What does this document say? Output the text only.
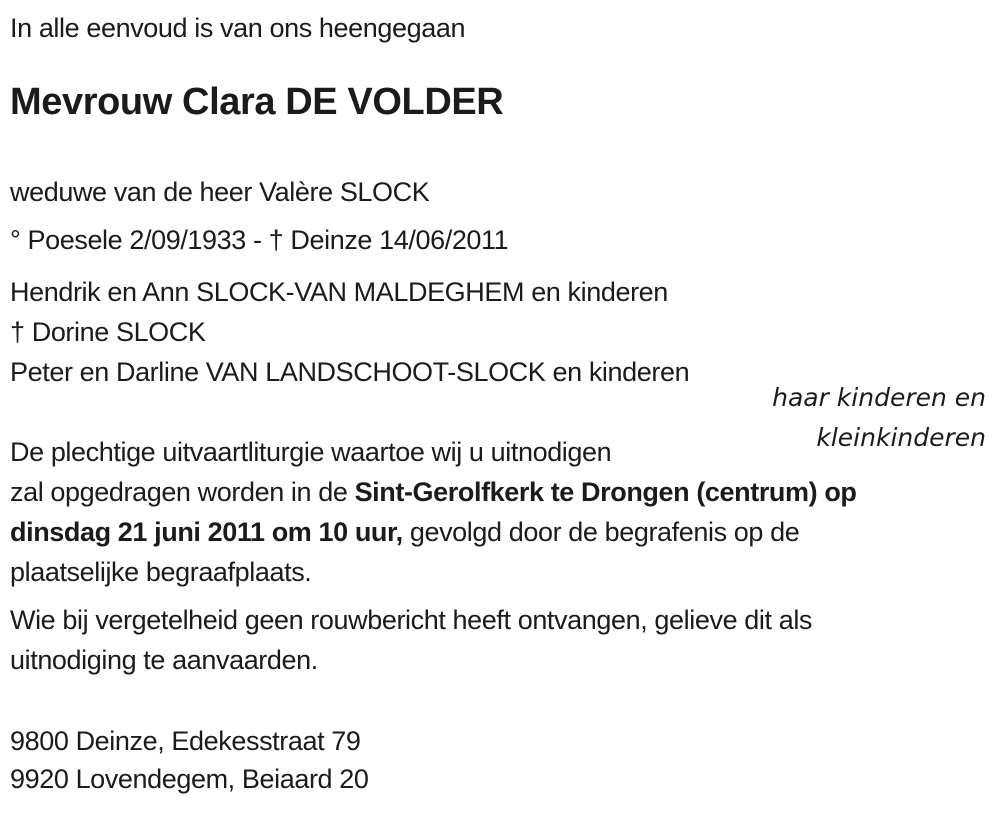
In alle eenvoud is van ons heengegaan
Mevrouw Clara DE VOLDER
weduwe van de heer Valère SLOCK
° Poesele 2/09/1933 - † Deinze 14/06/2011
Hendrik en Ann SLOCK-VAN MALDEGHEM en kinderen
† Dorine SLOCK
Peter en Darline VAN LANDSCHOOT-SLOCK en kinderen
haar kinderen en
kleinkinderen
De plechtige uitvaartliturgie waartoe wij u uitnodigen
zal opgedragen worden in de Sint-Gerolfkerk te Drongen (centrum) op
dinsdag 21 juni 2011 om 10 uur, gevolgd door de begrafenis op de
plaatselijke begraafplaats.
Wie bij vergetelheid geen rouwbericht heeft ontvangen, gelieve dit als
uitnodiging te aanvaarden.
9800 Deinze, Edekesstraat 79
9920 Lovendegem, Beiaard 20
